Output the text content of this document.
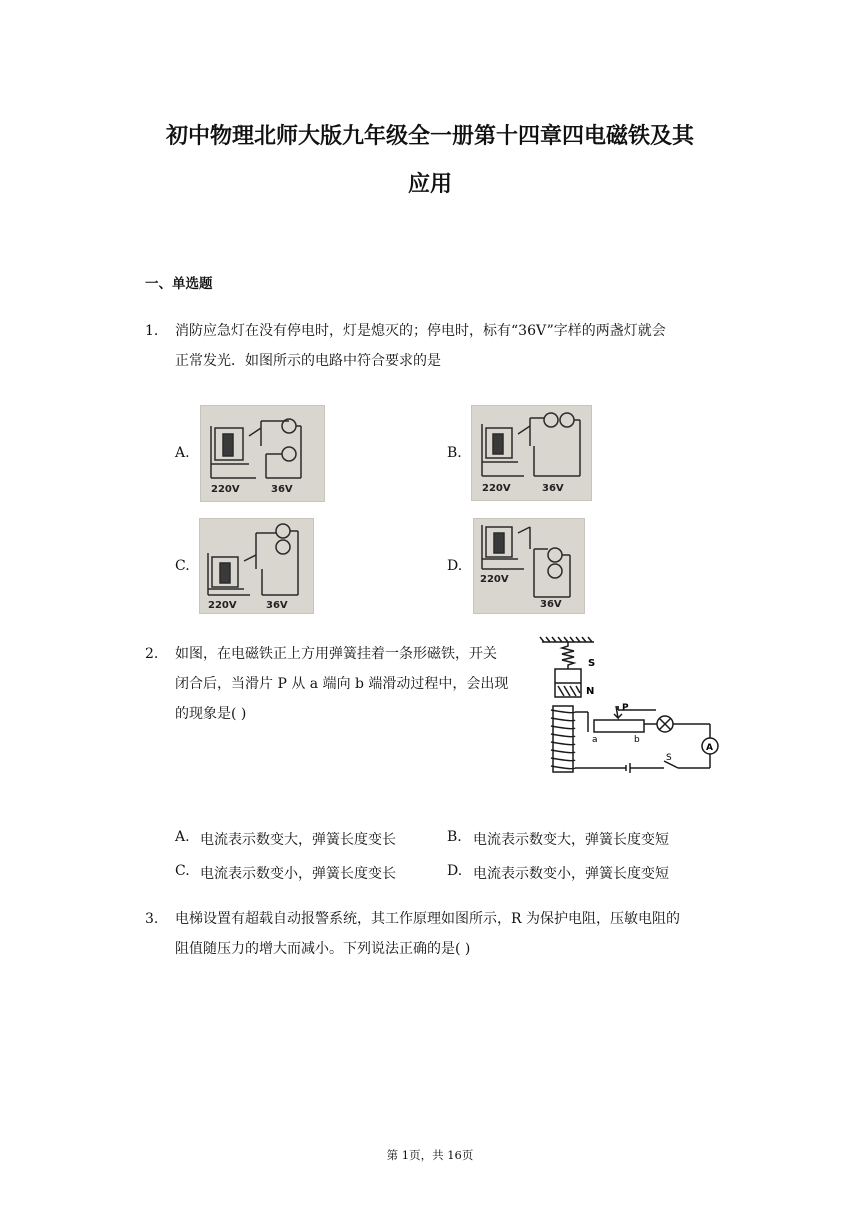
初中物理北师大版九年级全一册第十四章四电磁铁及其
应用
一、单选题
1. 消防应急灯在没有停电时，灯是熄灭的；停电时，标有“36V”字样的两盏灯就会
正常发光．如图所示的电路中符合要求的是
A.
220V	36V
B.
220V	36V
C.
220V	36V
D.
220V
36V
2. 如图，在电磁铁正上方用弹簧挂着一条形磁铁，开关
闭合后，当滑片 P 从 a 端向 b 端滑动过程中，会出现
的现象是( )
S
N
P
a	b
A
S
A. 电流表示数变大，弹簧长度变长	B. 电流表示数变大，弹簧长度变短
C. 电流表示数变小，弹簧长度变长	D. 电流表示数变小，弹簧长度变短
3. 电梯设置有超载自动报警系统，其工作原理如图所示，R 为保护电阻，压敏电阻的
阻值随压力的增大而减小。下列说法正确的是( )
第 1页，共 16页
